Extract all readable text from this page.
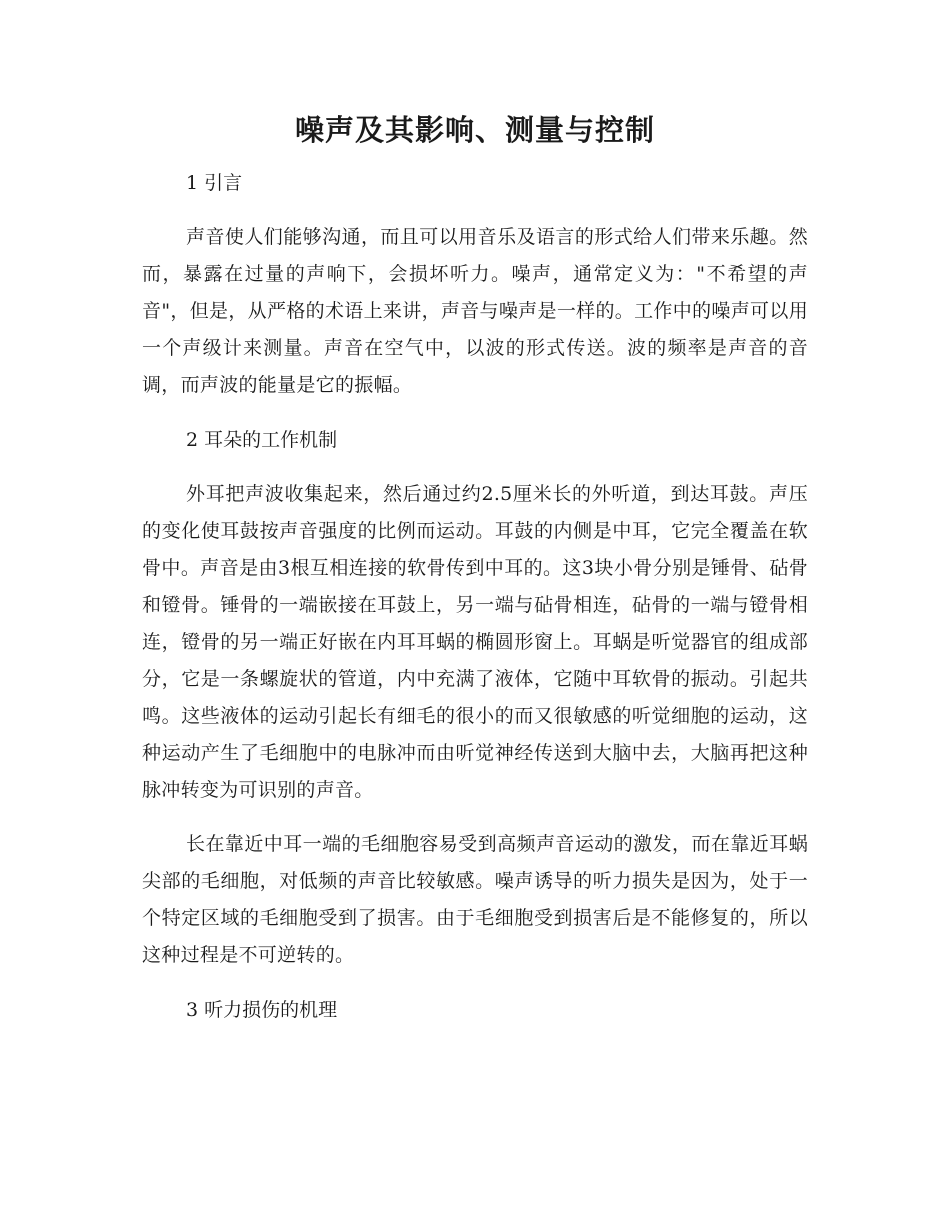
噪声及其影响、测量与控制
1 引言

声音使人们能够沟通，而且可以用音乐及语言的形式给人们带来乐趣。然而，暴露在过量的声响下，会损坏听力。噪声，通常定义为："不希望的声音"，但是，从严格的术语上来讲，声音与噪声是一样的。工作中的噪声可以用一个声级计来测量。声音在空气中，以波的形式传送。波的频率是声音的音调，而声波的能量是它的振幅。

2 耳朵的工作机制

外耳把声波收集起来，然后通过约2.5厘米长的外听道，到达耳鼓。声压的变化使耳鼓按声音强度的比例而运动。耳鼓的内侧是中耳，它完全覆盖在软骨中。声音是由3根互相连接的软骨传到中耳的。这3块小骨分别是锤骨、砧骨和镫骨。锤骨的一端嵌接在耳鼓上，另一端与砧骨相连，砧骨的一端与镫骨相连，镫骨的另一端正好嵌在内耳耳蜗的椭圆形窗上。耳蜗是听觉器官的组成部分，它是一条螺旋状的管道，内中充满了液体，它随中耳软骨的振动。引起共鸣。这些液体的运动引起长有细毛的很小的而又很敏感的听觉细胞的运动，这种运动产生了毛细胞中的电脉冲而由听觉神经传送到大脑中去，大脑再把这种脉冲转变为可识别的声音。

长在靠近中耳一端的毛细胞容易受到高频声音运动的激发，而在靠近耳蜗尖部的毛细胞，对低频的声音比较敏感。噪声诱导的听力损失是因为，处于一个特定区域的毛细胞受到了损害。由于毛细胞受到损害后是不能修复的，所以这种过程是不可逆转的。

3 听力损伤的机理
